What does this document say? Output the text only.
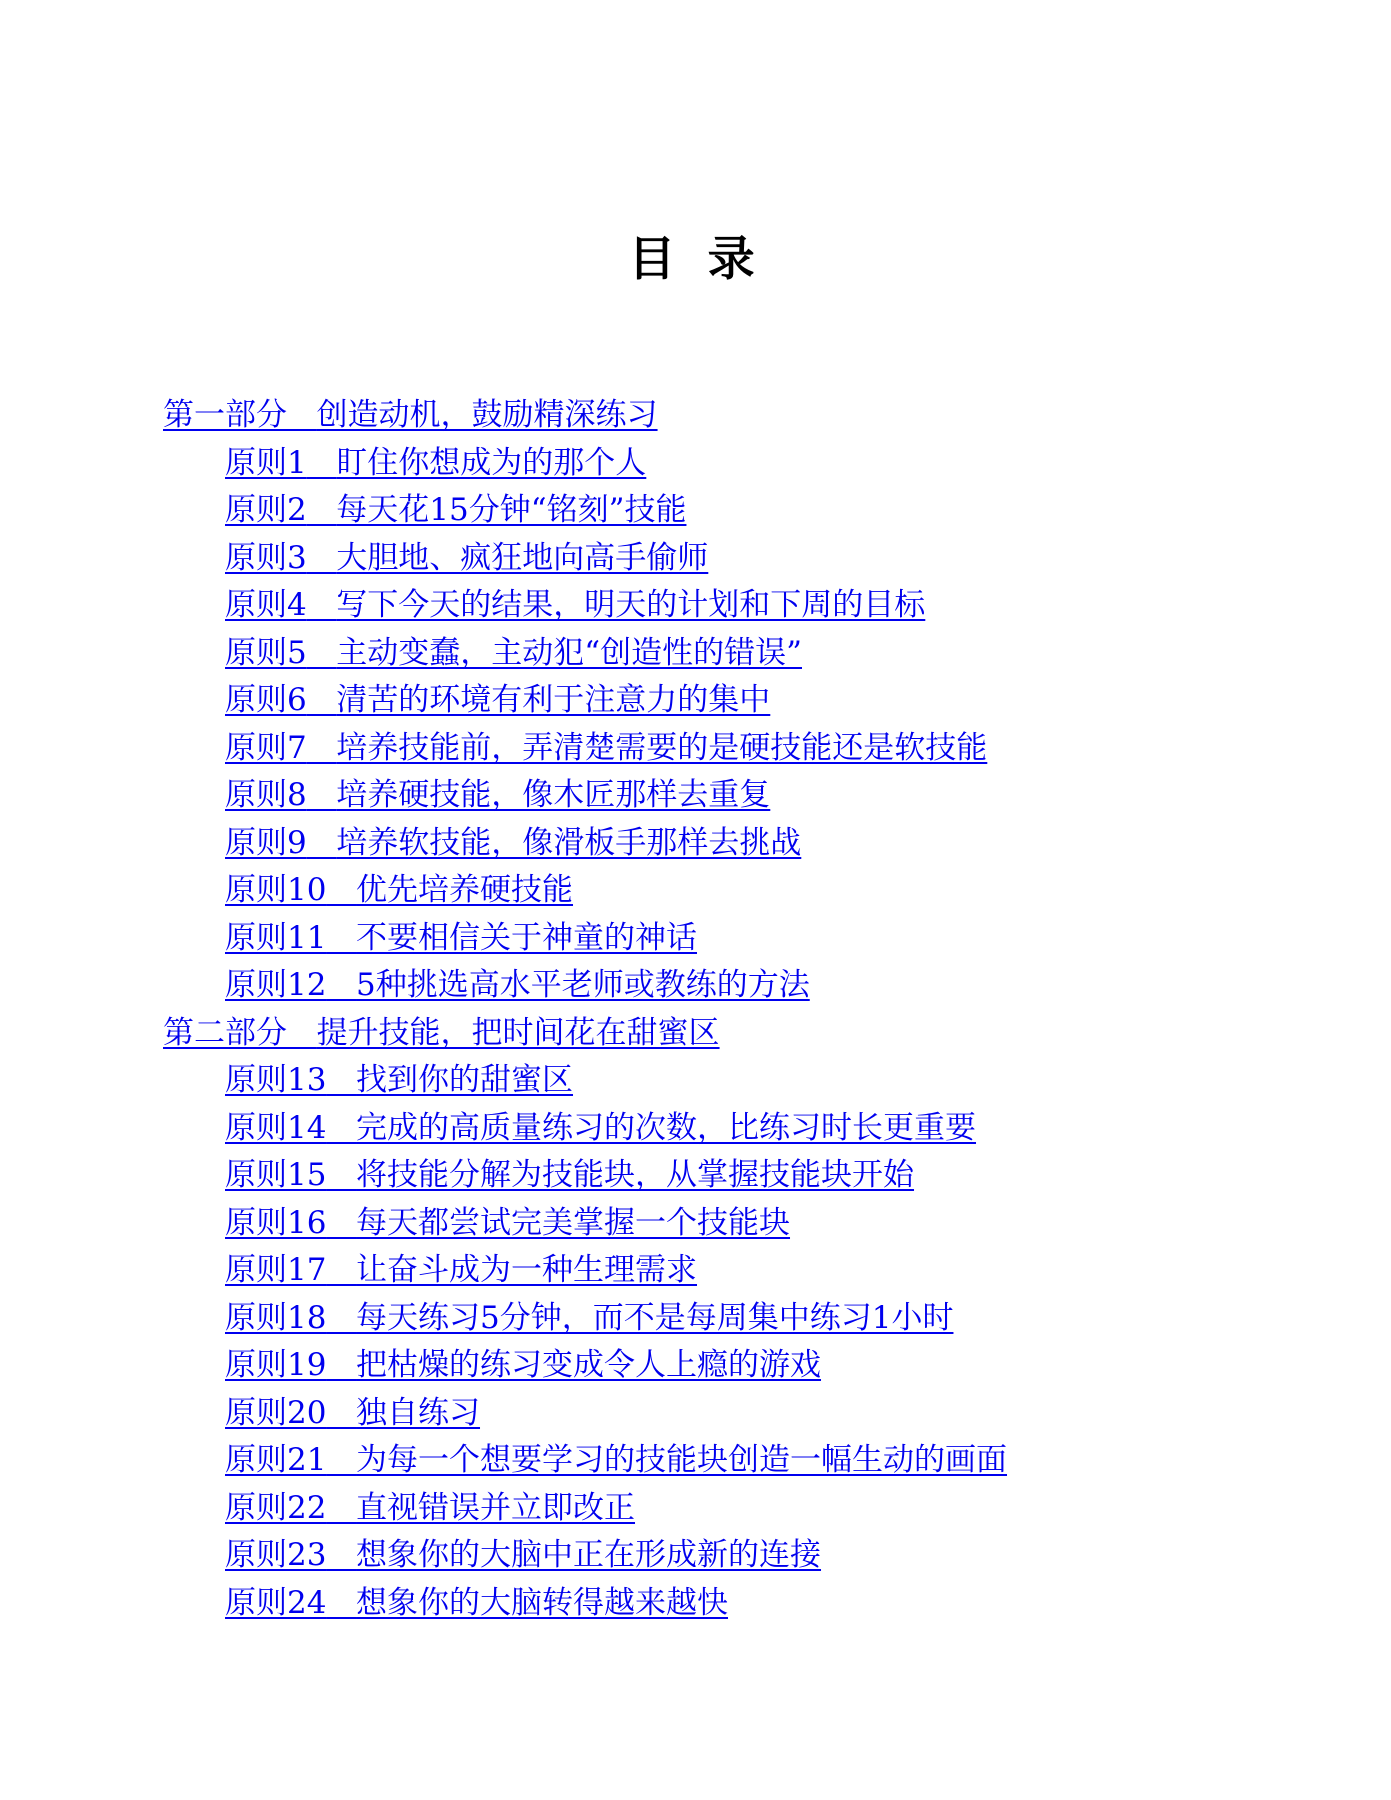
目 录
第一部分 创造动机，鼓励精深练习
原则1 盯住你想成为的那个人
原则2 每天花15分钟“铭刻”技能
原则3 大胆地、疯狂地向高手偷师
原则4 写下今天的结果，明天的计划和下周的目标
原则5 主动变蠢，主动犯“创造性的错误”
原则6 清苦的环境有利于注意力的集中
原则7 培养技能前，弄清楚需要的是硬技能还是软技能
原则8 培养硬技能，像木匠那样去重复
原则9 培养软技能，像滑板手那样去挑战
原则10 优先培养硬技能
原则11 不要相信关于神童的神话
原则12 5种挑选高水平老师或教练的方法
第二部分 提升技能，把时间花在甜蜜区
原则13 找到你的甜蜜区
原则14 完成的高质量练习的次数，比练习时长更重要
原则15 将技能分解为技能块，从掌握技能块开始
原则16 每天都尝试完美掌握一个技能块
原则17 让奋斗成为一种生理需求
原则18 每天练习5分钟，而不是每周集中练习1小时
原则19 把枯燥的练习变成令人上瘾的游戏
原则20 独自练习
原则21 为每一个想要学习的技能块创造一幅生动的画面
原则22 直视错误并立即改正
原则23 想象你的大脑中正在形成新的连接
原则24 想象你的大脑转得越来越快
